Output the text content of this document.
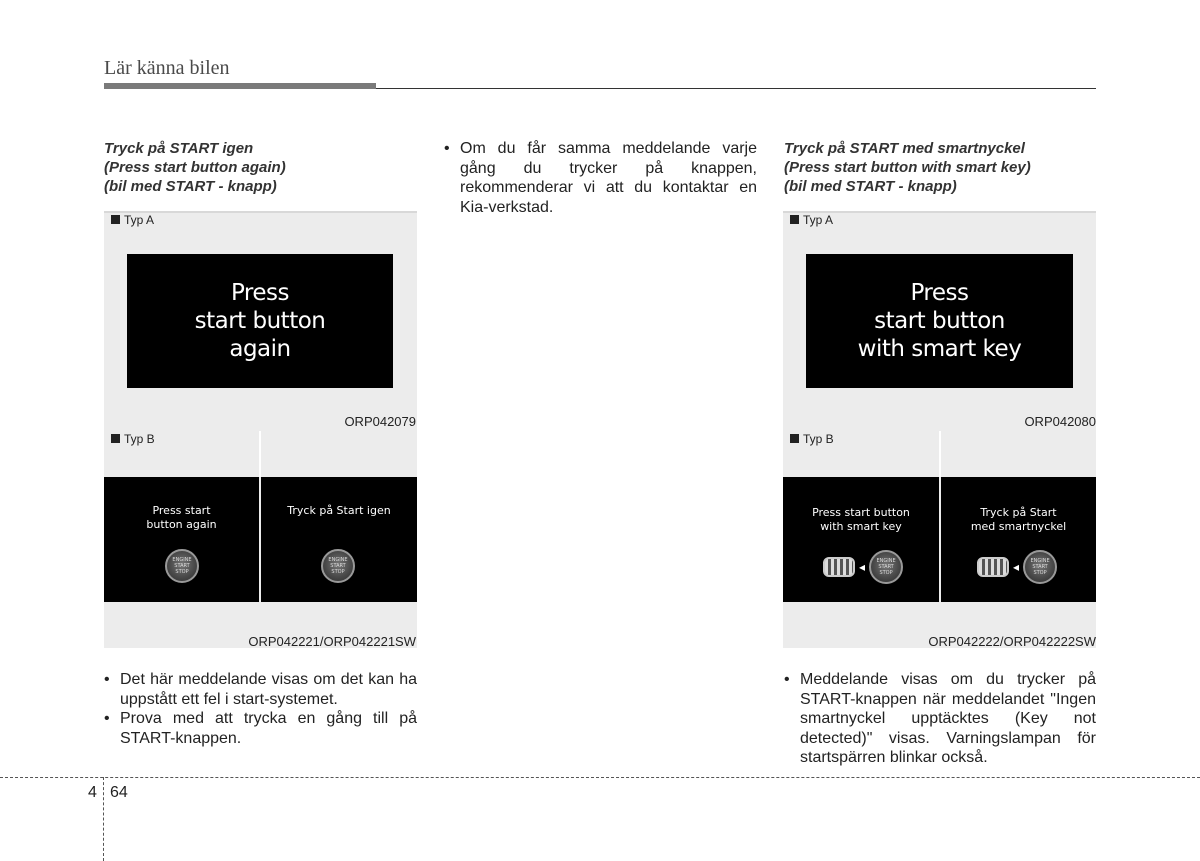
Lär känna bilen
Tryck på START igen
(Press start button again)
(bil med START - knapp)
Typ A
Press
start button
again
ORP042079
Typ B
Press start
button again
ENGINE START STOP
Tryck på Start igen
ENGINE START STOP
ORP042221/ORP042221SW
• Det här meddelande visas om det kan ha uppstått ett fel i start-systemet.
• Prova med att trycka en gång till på START-knappen.
• Om du får samma meddelande varje gång du trycker på knappen, rekommenderar vi att du kontaktar en Kia-verkstad.
Tryck på START med smartnyckel
(Press start button with smart key)
(bil med START - knapp)
Typ A
Press
start button
with smart key
ORP042080
Typ B
Press start button
with smart key
◂	ENGINE START STOP
Tryck på Start
med smartnyckel
◂	ENGINE START STOP
ORP042222/ORP042222SW
• Meddelande visas om du trycker på START-knappen när meddelandet "Ingen smartnyckel upptäcktes (Key not detected)" visas. Varningslampan för startspärren blinkar också.
4 64
